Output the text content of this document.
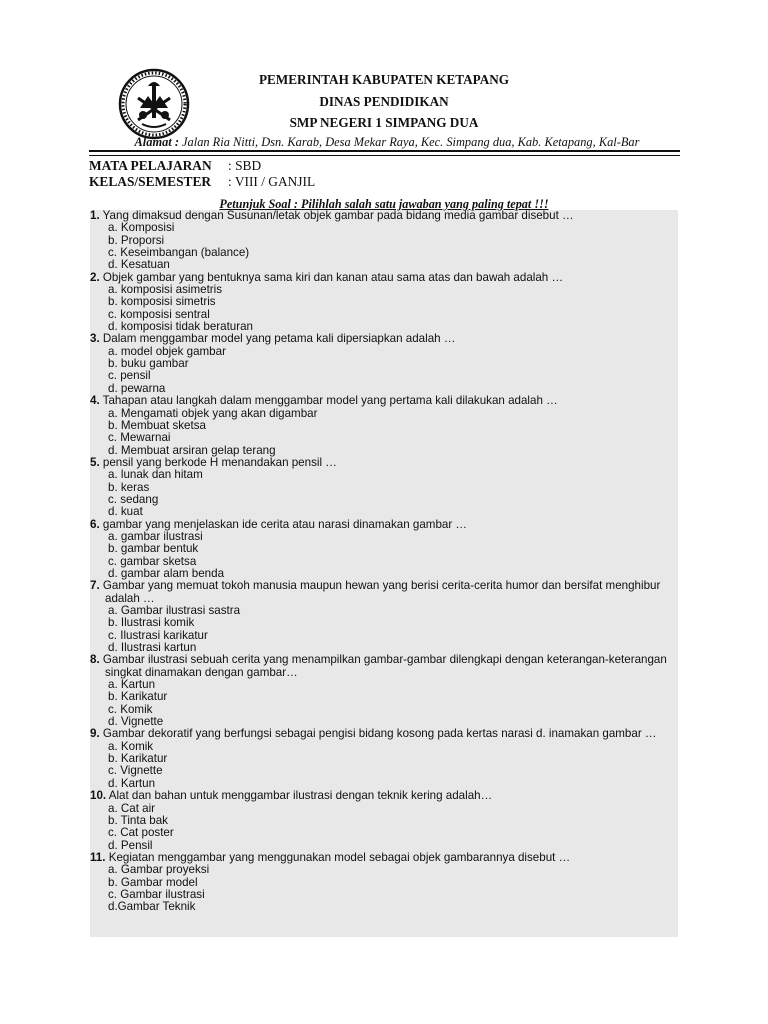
PEMERINTAH KABUPATEN KETAPANG
DINAS PENDIDIKAN
SMP NEGERI 1 SIMPANG DUA
Alamat : Jalan Ria Nitti, Dsn. Karab, Desa Mekar Raya, Kec. Simpang dua, Kab. Ketapang, Kal-Bar
MATA PELAJARAN : SBD
KELAS/SEMESTER : VIII / GANJIL
Petunjuk Soal : Pilihlah salah satu jawaban yang paling tepat !!!
1. Yang dimaksud dengan Susunan/letak objek gambar pada bidang media gambar disebut …
a. Komposisi
b. Proporsi
c. Keseimbangan (balance)
d. Kesatuan
2. Objek gambar yang bentuknya sama kiri dan kanan atau sama atas dan bawah adalah …
a. komposisi asimetris
b. komposisi simetris
c. komposisi sentral
d. komposisi tidak beraturan
3. Dalam menggambar model yang petama kali dipersiapkan adalah …
a. model objek gambar
b. buku gambar
c. pensil
d. pewarna
4. Tahapan atau langkah dalam menggambar model yang pertama kali dilakukan adalah …
a. Mengamati objek yang akan digambar
b. Membuat sketsa
c. Mewarnai
d. Membuat arsiran gelap terang
5. pensil yang berkode H menandakan pensil …
a. lunak dan hitam
b. keras
c. sedang
d. kuat
6. gambar yang menjelaskan ide cerita atau narasi dinamakan gambar …
a. gambar ilustrasi
b. gambar bentuk
c. gambar sketsa
d. gambar alam benda
7. Gambar yang memuat tokoh manusia maupun hewan yang berisi cerita-cerita humor dan bersifat menghibur adalah …
a. Gambar ilustrasi sastra
b. Ilustrasi komik
c. Ilustrasi karikatur
d. Ilustrasi kartun
8. Gambar ilustrasi sebuah cerita yang menampilkan gambar-gambar dilengkapi dengan keterangan-keterangan singkat dinamakan dengan gambar…
a. Kartun
b. Karikatur
c. Komik
d. Vignette
9. Gambar dekoratif yang berfungsi sebagai pengisi bidang kosong pada kertas narasi d. inamakan gambar …
a. Komik
b. Karikatur
c. Vignette
d. Kartun
10. Alat dan bahan untuk menggambar ilustrasi dengan teknik kering adalah…
a. Cat air
b. Tinta bak
c. Cat poster
d. Pensil
11. Kegiatan menggambar yang menggunakan model sebagai objek gambarannya disebut …
a. Gambar proyeksi
b. Gambar model
c. Gambar ilustrasi
d.Gambar Teknik
